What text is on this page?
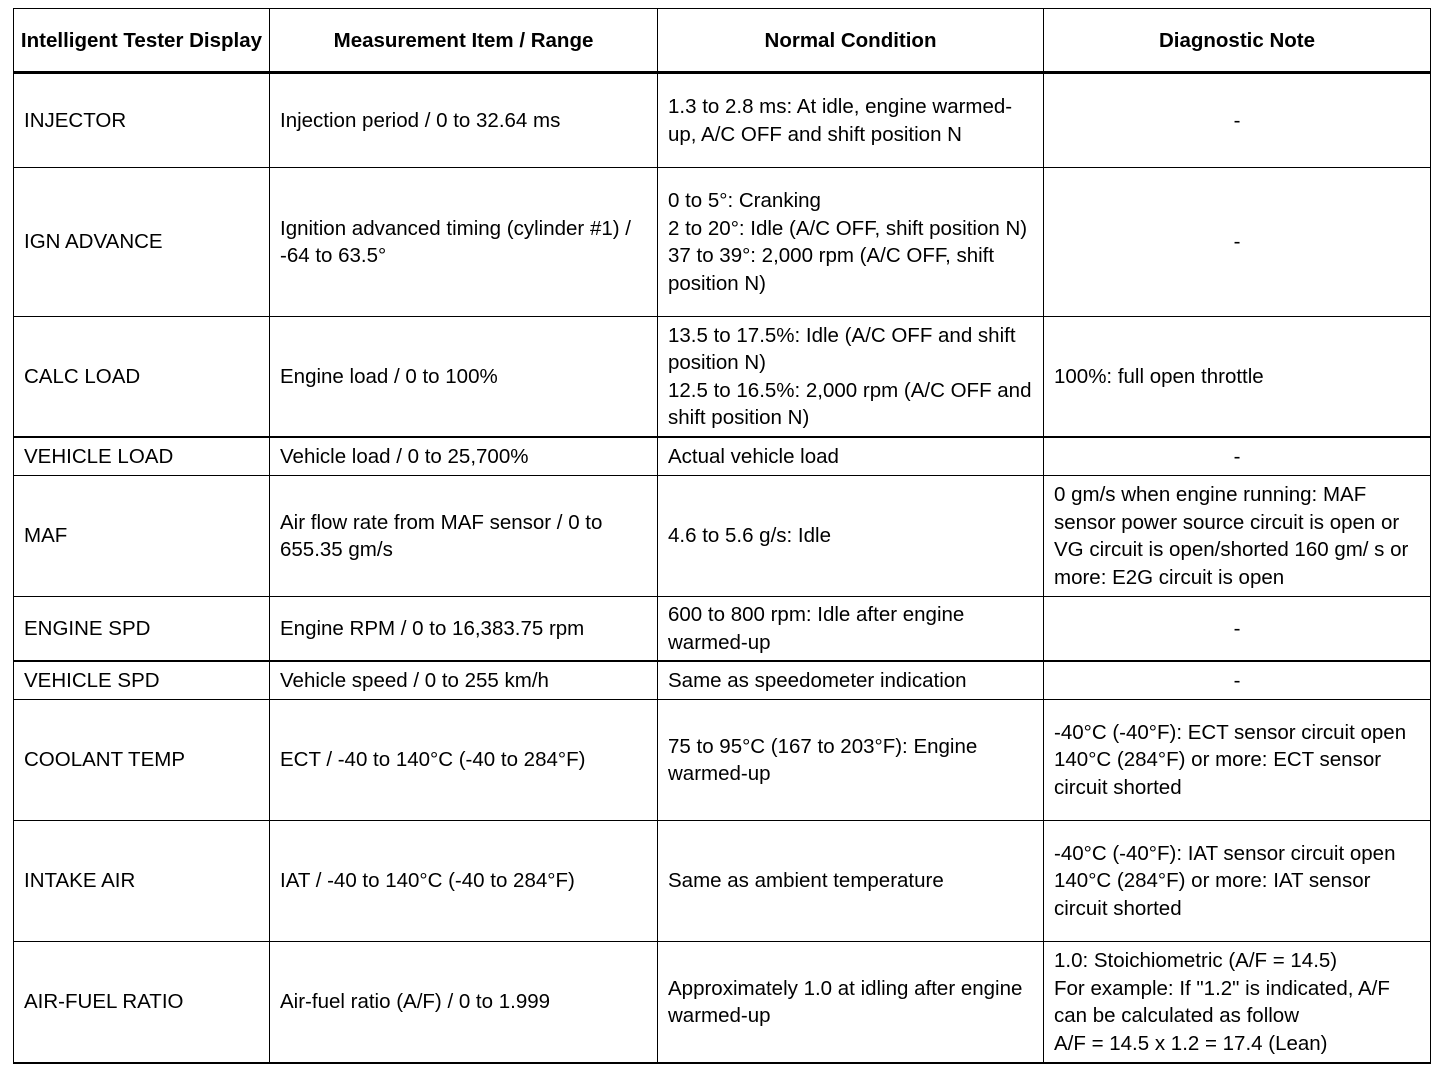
Intelligent Tester Display	Measurement Item / Range	Normal Condition	Diagnostic Note
INJECTOR	Injection period / 0 to 32.64 ms	1.3 to 2.8 ms: At idle, engine warmed-up, A/C OFF and shift position N	-

IGN ADVANCE	Ignition advanced timing (cylinder #1) / -64 to 63.5°	0 to 5°: Cranking
2 to 20°: Idle (A/C OFF, shift position N)
37 to 39°: 2,000 rpm (A/C OFF, shift position N)	-

CALC LOAD	Engine load / 0 to 100%	13.5 to 17.5%: Idle (A/C OFF and shift position N)
12.5 to 16.5%: 2,000 rpm (A/C OFF and shift position N)	100%: full open throttle

VEHICLE LOAD	Vehicle load / 0 to 25,700%	Actual vehicle load	-

MAF	Air flow rate from MAF sensor / 0 to 655.35 gm/s	4.6 to 5.6 g/s: Idle	0 gm/s when engine running: MAF sensor power source circuit is open or VG circuit is open/shorted 160 gm/ s or more: E2G circuit is open

ENGINE SPD	Engine RPM / 0 to 16,383.75 rpm	600 to 800 rpm: Idle after engine warmed-up	-

VEHICLE SPD	Vehicle speed / 0 to 255 km/h	Same as speedometer indication	-

COOLANT TEMP	ECT / -40 to 140°C (-40 to 284°F)	75 to 95°C (167 to 203°F): Engine warmed-up	-40°C (-40°F): ECT sensor circuit open
140°C (284°F) or more: ECT sensor circuit shorted

INTAKE AIR	IAT / -40 to 140°C (-40 to 284°F)	Same as ambient temperature	-40°C (-40°F): IAT sensor circuit open
140°C (284°F) or more: IAT sensor circuit shorted

AIR-FUEL RATIO	Air-fuel ratio (A/F) / 0 to 1.999	Approximately 1.0 at idling after engine warmed-up	1.0: Stoichiometric (A/F = 14.5)
For example: If "1.2" is indicated, A/F can be calculated as follow
A/F = 14.5 x 1.2 = 17.4 (Lean)
